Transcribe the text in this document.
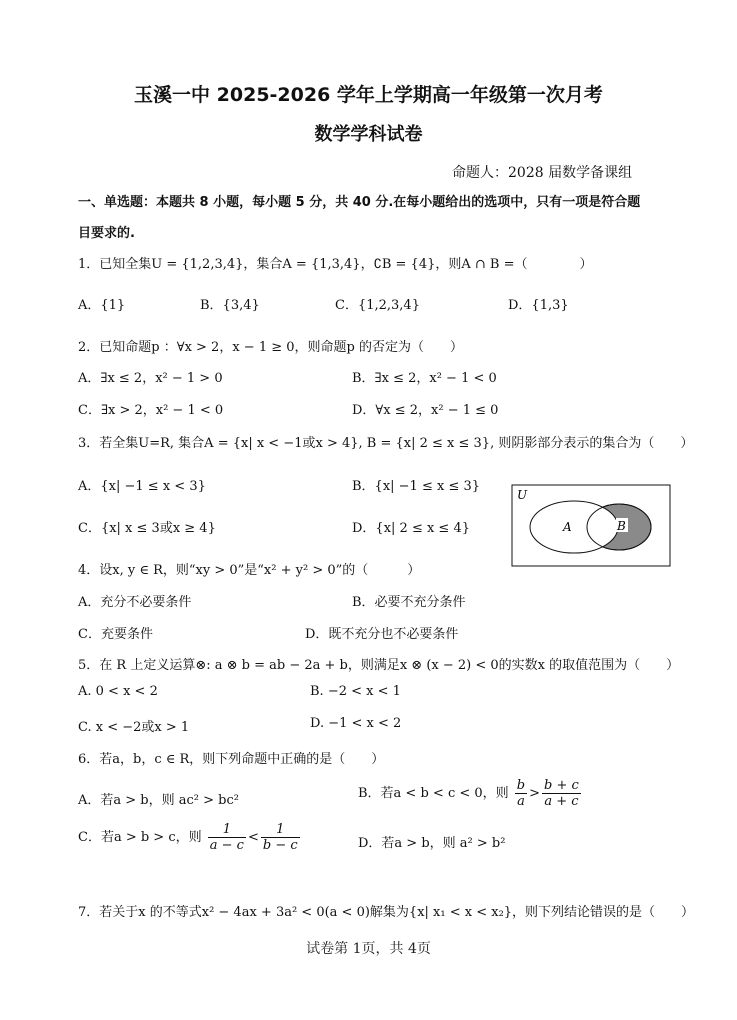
玉溪一中 2025-2026 学年上学期高一年级第一次月考
数学学科试卷
命题人：2028 届数学备课组
一、单选题：本题共 8 小题，每小题 5 分，共 40 分.在每小题给出的选项中，只有一项是符合题
目要求的.
1．已知全集U = {1,2,3,4}，集合A = {1,3,4}，∁B = {4}，则A ∩ B =（　　　　）
A．{1}	B．{3,4}	C．{1,2,3,4}	D．{1,3}
2．已知命题p ：∀x > 2，x − 1 ≥ 0，则命题p 的否定为（　　）
A．∃x ≤ 2，x² − 1 > 0	B．∃x ≤ 2，x² − 1 < 0
C．∃x > 2，x² − 1 < 0	D．∀x ≤ 2，x² − 1 ≤ 0
3．若全集U=R, 集合A = {x| x < −1或x > 4}, B = {x| 2 ≤ x ≤ 3}, 则阴影部分表示的集合为（　　）
A．{x| −1 ≤ x < 3}	B．{x| −1 ≤ x ≤ 3}
C．{x| x ≤ 3或x ≥ 4}	D．{x| 2 ≤ x ≤ 4}
U
A	B
4．设x, y ∈ R，则“xy > 0”是“x² + y² > 0”的（　　　）
A．充分不必要条件	B．必要不充分条件
C．充要条件	D．既不充分也不必要条件
5．在 R 上定义运算⊗: a ⊗ b = ab − 2a + b，则满足x ⊗ (x − 2) < 0的实数x 的取值范围为（　　）
A. 0 < x < 2	B. −2 < x < 1
C. x < −2或x > 1	D. −1 < x < 2
6．若a，b，c ∈ R，则下列命题中正确的是（　　）
A．若a > b，则 ac² > bc²	B．若a < b < c < 0，则 $\frac{b}{a} > \frac{b + c}{a + c}$
C．若a > b > c，则 $\frac{1}{a - c} < \frac{1}{b - c}$	D．若a > b，则 a² > b²
7．若关于x 的不等式x² − 4ax + 3a² < 0(a < 0)解集为{x| x₁ < x < x₂}，则下列结论错误的是（　　）
试卷第 1页，共 4页
